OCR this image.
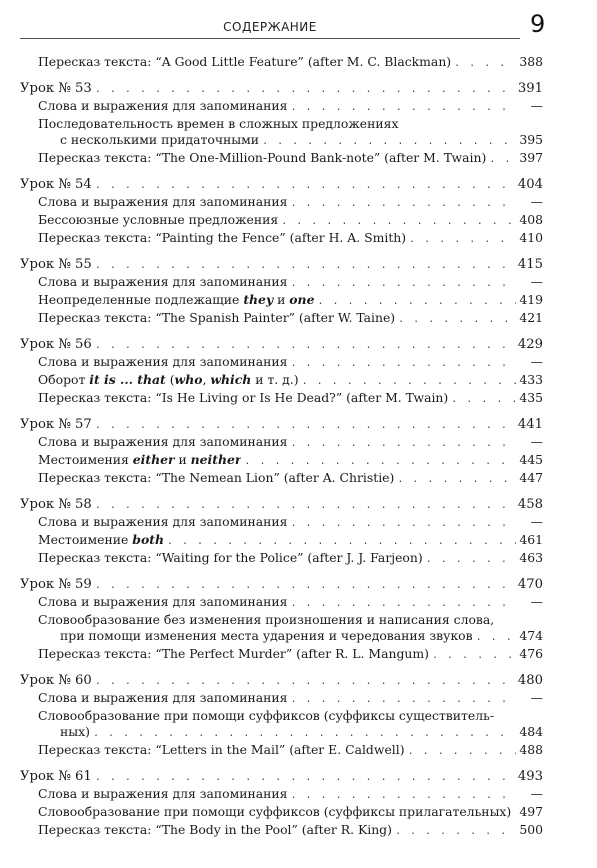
СОДЕРЖАНИЕ	9
Пересказ текста: “A Good Little Feature” (after M. C. Blackman) . . .	388
Урок № 53 . . .	391
Слова и выражения для запоминания . . .	—
Последовательность времен в сложных предложениях
с несколькими придаточными . . .	395
Пересказ текста: “The One-Million-Pound Bank-note” (after M. Twain) . . .	397
Урок № 54 . . .	404
Слова и выражения для запоминания . . .	—
Бессоюзные условные предложения . . .	408
Пересказ текста: “Painting the Fence” (after H. A. Smith) . . .	410
Урок № 55 . . .	415
Слова и выражения для запоминания . . .	—
Неопределенные подлежащие they и one . . .	419
Пересказ текста: “The Spanish Painter” (after W. Taine) . . .	421
Урок № 56 . . .	429
Слова и выражения для запоминания . . .	—
Оборот it is ... that (who, which и т. д.) . . .	433
Пересказ текста: “Is He Living or Is He Dead?” (after M. Twain) . . .	435
Урок № 57 . . .	441
Слова и выражения для запоминания . . .	—
Местоимения either и neither . . .	445
Пересказ текста: “The Nemean Lion” (after A. Christie) . . .	447
Урок № 58 . . .	458
Слова и выражения для запоминания . . .	—
Местоимение both . . .	461
Пересказ текста: “Waiting for the Police” (after J. J. Farjeon) . . .	463
Урок № 59 . . .	470
Слова и выражения для запоминания . . .	—
Словообразование без изменения произношения и написания слова,
при помощи изменения места ударения и чередования звуков . . .	474
Пересказ текста: “The Perfect Murder” (after R. L. Mangum) . . .	476
Урок № 60 . . .	480
Слова и выражения для запоминания . . .	—
Словообразование при помощи суффиксов (суффиксы существитель-
ных) . . .	484
Пересказ текста: “Letters in the Mail” (after E. Caldwell) . . .	488
Урок № 61 . . .	493
Слова и выражения для запоминания . . .	—
Словообразование при помощи суффиксов (суффиксы прилагательных) . . . 497
Пересказ текста: “The Body in the Pool” (after R. King) . . .	500
